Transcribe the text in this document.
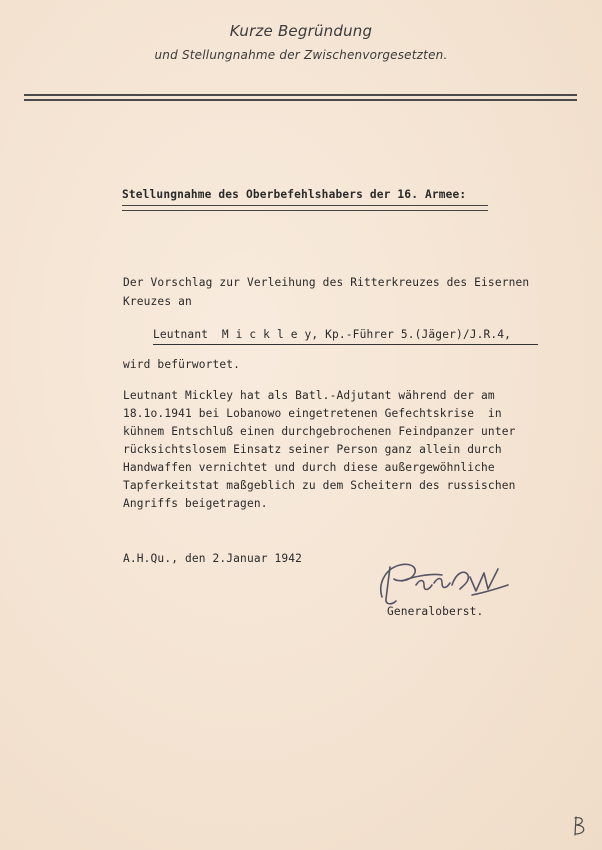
Kurze Begründung
und Stellungnahme der Zwischenvorgesetzten.
Stellungnahme des Oberbefehlshabers der 16. Armee:
Der Vorschlag zur Verleihung des Ritterkreuzes des Eisernen
Kreuzes an
Leutnant  M i c k l e y, Kp.-Führer 5.(Jäger)/J.R.4,
wird befürwortet.
Leutnant Mickley hat als Batl.-Adjutant während der am
18.1o.1941 bei Lobanowo eingetretenen Gefechtskrise  in
kühnem Entschluß einen durchgebrochenen Feindpanzer unter
rücksichtslosem Einsatz seiner Person ganz allein durch
Handwaffen vernichtet und durch diese außergewöhnliche
Tapferkeitstat maßgeblich zu dem Scheitern des russischen
Angriffs beigetragen.
A.H.Qu., den 2.Januar 1942
Generaloberst.
